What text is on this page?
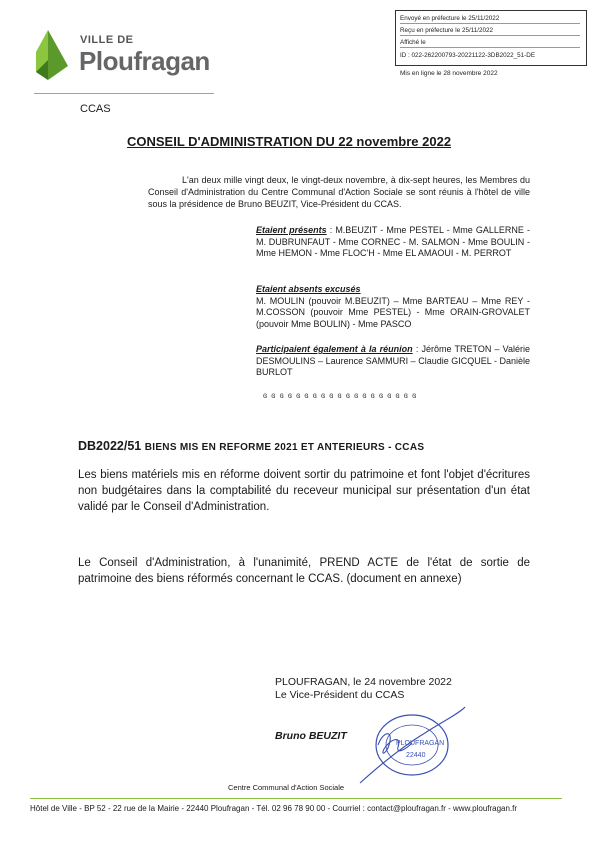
VILLE DE
Ploufragan
CCAS
Envoyé en préfecture le 25/11/2022
Reçu en préfecture le 25/11/2022
Affiché le
ID : 022-262200793-20221122-3DB2022_51-DE
Mis en ligne le 28 novembre 2022
CONSEIL D'ADMINISTRATION DU 22 novembre 2022
L'an deux mille vingt deux, le vingt-deux novembre, à dix-sept heures, les Membres du Conseil d'Administration du Centre Communal d'Action Sociale se sont réunis à l'hôtel de ville sous la présidence de Bruno BEUZIT, Vice-Président du CCAS.
Etaient présents : M.BEUZIT - Mme PESTEL - Mme GALLERNE - M. DUBRUNFAUT - Mme CORNEC - M. SALMON - Mme BOULIN - Mme HEMON - Mme FLOC'H - Mme EL AMAOUI - M. PERROT
Etaient absents excusés
M. MOULIN (pouvoir M.BEUZIT) – Mme BARTEAU – Mme REY - M.COSSON (pouvoir Mme PESTEL) - Mme ORAIN-GROVALET (pouvoir Mme BOULIN) - Mme PASCO
Participaient également à la réunion : Jérôme TRETON – Valérie DESMOULINS – Laurence SAMMURI – Claudie GICQUEL - Danièle BURLOT
ɞ ɞ ɞ ɞ ɞ ɞ ɞ ɞ ɞ ɞ ɞ ɞ ɞ ɞ ɞ ɞ ɞ ɞ ɞ
DB2022/51 BIENS MIS EN REFORME 2021 ET ANTERIEURS - CCAS
Les biens matériels mis en réforme doivent sortir du patrimoine et font l'objet d'écritures non budgétaires dans la comptabilité du receveur municipal sur présentation d'un état validé par le Conseil d'Administration.
Le Conseil d'Administration, à l'unanimité, PREND ACTE de l'état de sortie de patrimoine des biens réformés concernant le CCAS. (document en annexe)
PLOUFRAGAN, le 24 novembre 2022
Le Vice-Président du CCAS
Bruno BEUZIT
PLOUFRAGAN
22440
Centre Communal d'Action Sociale
Hôtel de Ville - BP 52 - 22 rue de la Mairie - 22440 Ploufragan - Tél. 02 96 78 90 00 - Courriel : contact@ploufragan.fr - www.ploufragan.fr
